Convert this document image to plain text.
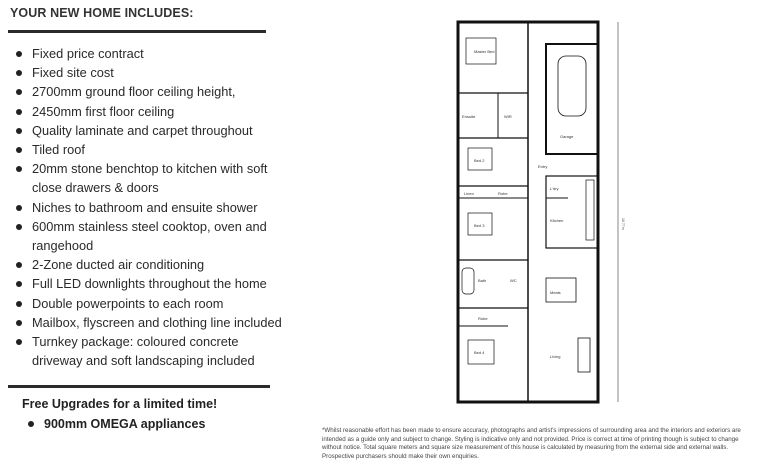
YOUR NEW HOME INCLUDES:
Fixed price contract
Fixed site cost
2700mm ground floor ceiling height,
2450mm first floor ceiling
Quality laminate and carpet throughout
Tiled roof
20mm stone benchtop to kitchen with soft
close drawers & doors
Niches to bathroom and ensuite shower
600mm stainless steel cooktop, oven and
rangehood
2-Zone ducted air conditioning
Full LED downlights throughout the home
Double powerpoints to each room
Mailbox, flyscreen and clothing line included
Turnkey package: coloured concrete
driveway and soft landscaping included
Free Upgrades for a limited time!
900mm OMEGA appliances
Master Bed
Ensuite	WIR
Garage
Bed 2
Linen	Robe
Bed 3
Bath	WC
Robe
Bed 4
L'dry
Kitchen
Entry
Meals
Living
18.77m
*Whilst reasonable effort has been made to ensure accuracy, photographs and artist's impressions of surrounding area and the interiors and exteriors are intended as a guide only and subject to change. Styling is indicative only and not provided. Price is correct at time of printing though is subject to change without notice. Total square meters and square size measurement of this house is calculated by measuring from the external side and external walls. Prospective purchasers should make their own enquiries.
